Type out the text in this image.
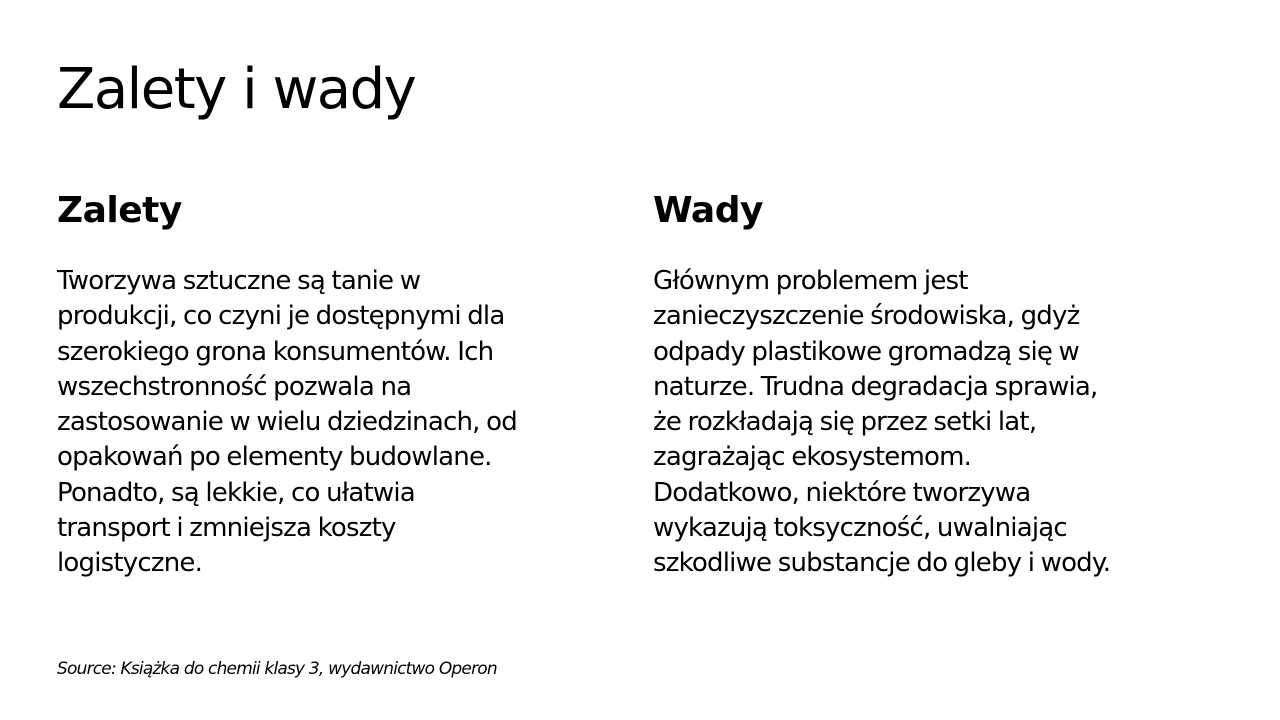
Zalety i wady
Zalety

Tworzywa sztuczne są tanie w
produkcji, co czyni je dostępnymi dla
szerokiego grona konsumentów. Ich
wszechstronność pozwala na
zastosowanie w wielu dziedzinach, od
opakowań po elementy budowlane.
Ponadto, są lekkie, co ułatwia
transport i zmniejsza koszty
logistyczne.

Wady

Głównym problemem jest
zanieczyszczenie środowiska, gdyż
odpady plastikowe gromadzą się w
naturze. Trudna degradacja sprawia,
że rozkładają się przez setki lat,
zagrażając ekosystemom.
Dodatkowo, niektóre tworzywa
wykazują toksyczność, uwalniając
szkodliwe substancje do gleby i wody.

Source: Książka do chemii klasy 3, wydawnictwo Operon
